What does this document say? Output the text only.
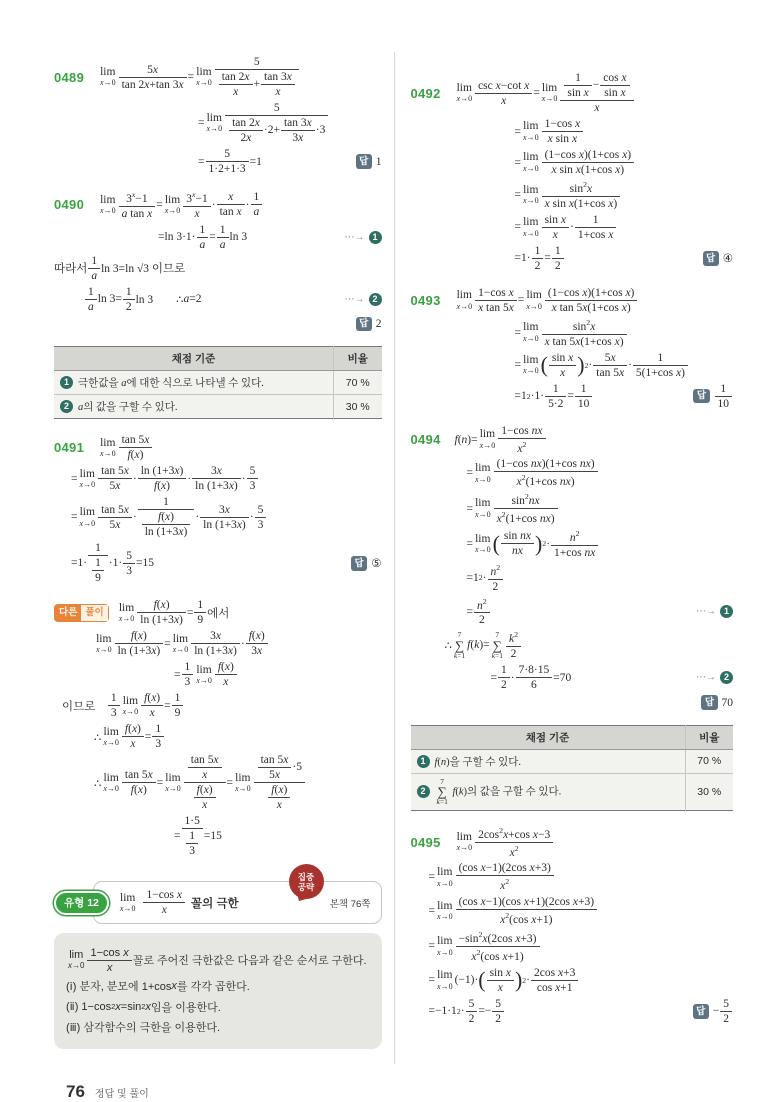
0489	lim
$x\to 0 \frac{5x}{\tan 2x+\tan 3x} = \lim$
$x\to 0 \frac{5}{\frac{\tan 2x}{x} + \frac{\tan 3x}{x}}$
= lim
$x\to 0 \frac{5}{\frac{\tan 2x}{2x} \cdot 2+ \frac{\tan 3x}{3x} \cdot 3}$
= $\frac{5}{1\cdot 2+1\cdot 3} =1$	답 1
0490	lim
$x\to 0 \frac{3^x-1}{\text{a tan x}} = \lim$
$x\to 0 \frac{3^x-1}{x} \cdot \frac{x}{\text{tan x}} \cdot \frac{1}{a}$
=ln $3\cdot 1\cdot \frac{1}{a} = \frac{1}{a}$ ln 3	⋯→ 1
따라서 $\frac{1}{a}$ ln 3=ln √3 이므로
$\frac{1}{a}$ $\ln 3= \frac{1}{2}$ ln 3  ∴ a =2	⋯→ 2
답 2
채점 기준	비율

1 극한값을 a에 대한 식으로 나타낼 수 있다.	70 %

2 a의 값을 구할 수 있다.	30 %
0491	lim
$x\to 0 \frac{\tan 5x}{f(x)}$
= lim
$x\to 0 \frac{\tan 5x}{5x} \cdot \frac{\ln (1+3x)}{f(x)} \cdot \frac{3x}{\ln (1+3x)} \cdot \frac{5}{3}$
= lim
$x\to 0 \frac{\tan 5x}{5x} \cdot \frac{1}{\frac{f(x)}{\ln (1+3x)}} \cdot \frac{3x}{\ln (1+3x)} \cdot \frac{5}{3}$
$=1\cdot \frac{1}{\frac{1}{9}} \cdot 1\cdot \frac{5}{3} =15$	답 ⑤
다른 풀이	lim
$x\to 0 \frac{f(x)}{\ln (1+3x)} = \frac{1}{9}$ 에서
lim
$x\to 0 \frac{f(x)}{\ln (1+3x)} = \lim$
$x\to 0 \frac{3x}{\ln (1+3x)} \cdot \frac{f(x)}{3x}$
= $\frac{1}{3}$ lim
$x\to 0 \frac{f(x)}{x}$
이므로  $\frac{1}{3}$ lim
$x\to 0 \frac{f(x)}{x} = \frac{1}{9}$
∴
lim
$x\to 0 \frac{f(x)}{x} = \frac{1}{3}$
∴
lim
$x\to 0 \frac{\tan 5x}{f(x)} = \lim$
$x\to 0 \frac{\frac{\tan 5x}{x}}{\frac{f(x)}{x}} = \lim$
$x\to 0 \frac{\frac{\tan 5x}{5x} \cdot 5}{\frac{f(x)}{x}}$
= $\frac{1\cdot 5}{\frac{1}{3}} =15$
유형 12	lim
$x\to 0 \frac{\text{1−cos x}}{x}$ 꼴의 극한	본책 76쪽
집중
공략
lim
$x\to 0 \frac{\text{1−cos x}}{x}$ 꼴로 주어진 극한값은 다음과 같은 순서로 구한다.
(ⅰ) 분자, 분모에 1+cos x 를 각각 곱한다.
(ⅱ) 1−cos 2 x =sin 2 x 임을 이용한다.
(ⅲ) 삼각함수의 극한을 이용한다.
0492	lim
$x\to 0 \frac{\text{csc x−cot x}}{x} = \lim$
$x\to 0 \frac{\frac{1}{\text{sin x}} - \frac{\text{cos x}}{\text{sin x}}}{x}$
= lim
$x\to 0 \frac{\text{1−cos x}}{\text{x sin x}}$
= lim
$x\to 0 \frac{\text{(1−cos x)(1+cos x)}}{\text{x sin x(1+cos x)}}$
= lim
$x\to 0 \frac{\sin^2x}{\text{x sin x(1+cos x)}}$
= lim
$x\to 0 \frac{\text{sin x}}{x} \cdot \frac{1}{\text{1+cos x}}$
$=1\cdot \frac{1}{2} = \frac{1}{2}$	답 ④
0493	lim
$x\to 0 \frac{\text{1−cos x}}{\text{x tan 5x}} = \lim$
$x\to 0 \frac{\text{(1−cos x)(1+cos x)}}{\text{x tan 5x(1+cos x)}}$
= lim
$x\to 0 \frac{\sin^2x}{\text{x tan 5x(1+cos x)}}$
= lim
x→0 ( $\frac{\text{sin x}}{x}$ ) $2 \cdot \frac{5x}{\tan 5x} \cdot \frac{1}{\text{5(1+cos x)}}$
=1 $2 \cdot 1\cdot \frac{1}{5\cdot 2} = \frac{1}{10}$	답 $\frac{1}{10}$
0494	f ( n )= lim
$x\to 0 \frac{\text{1−cos nx}}{x^2}$
= lim
$x\to 0 \frac{\text{(1−cos nx)(1+cos nx)}}{x^2(1+\cos nx)}$
= lim
$x\to 0 \frac{\sin^2nx}{x^2(1+\cos nx)}$
= lim
x→0 ( $\frac{\text{sin nx}}{nx}$ ) $2 \cdot \frac{n^2}{\text{1+cos nx}}$
=1 $2 \cdot \frac{n^2}{2}$
= $\frac{n^2}{2}$	⋯→ 1
∴
7
∑
k=1
f ( k )=
7
∑
$k=1 \frac{k^2}{2}$
= $\frac{1}{2} \cdot \frac{7\cdot 8\cdot 15}{6} =70$	⋯→ 2
답 70
채점 기준	비율

1 f(n)을 구할 수 있다.	70 %

2
7
∑
k=1
f(k)의 값을 구할 수 있다.	30 %
0495	lim
$x\to 0 \frac{2\cos^2x+\cos x-3}{x^2}$
= lim
$x\to 0 \frac{\text{(cos x−1)(2cos x+3)}}{x^2}$
= lim
$x\to 0 \frac{\text{(cos x−1)(cos x+1)(2cos x+3)}}{x^2(\cos x+1)}$
= lim
$x\to 0 \frac{-\sin^2x(2\cos x+3)}{x^2(\cos x+1)}$
= lim
x→0 (−1)· ( $\frac{\text{sin x}}{x}$ ) $2 \cdot \frac{\text{2cos x+3}}{\text{cos x+1}}$
=−1·1 $2 \cdot \frac{5}{2} =- \frac{5}{2}$	답 − $\frac{5}{2}$
76 정답 및 풀이
